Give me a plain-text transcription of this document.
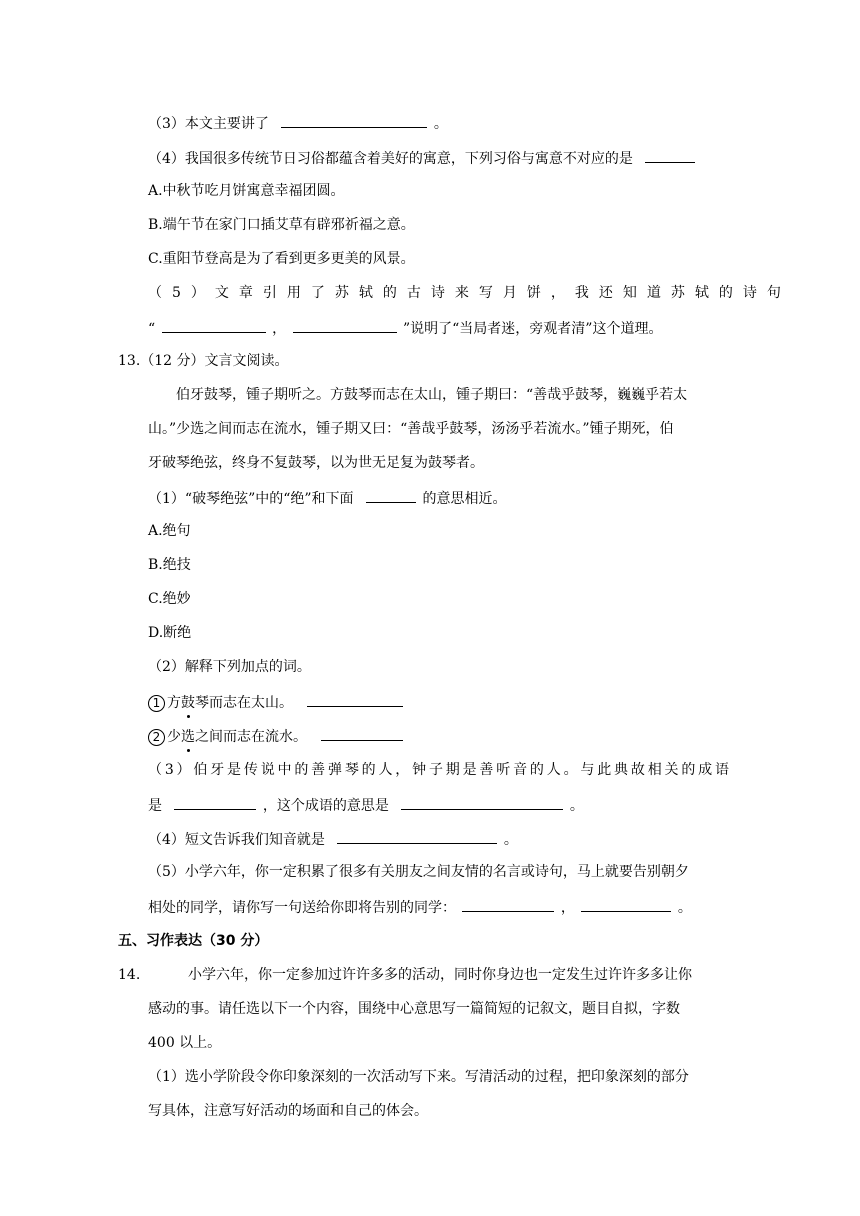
（3）本文主要讲了	。
（4）我国很多传统节日习俗都蕴含着美好的寓意，下列习俗与寓意不对应的是
A.中秋节吃月饼寓意幸福团圆。
B.端午节在家门口插艾草有辟邪祈福之意。
C.重阳节登高是为了看到更多更美的风景。
（5）文章引用了苏轼的古诗来写月饼，我还知道苏轼的诗句
“	，	”说明了“当局者迷，旁观者清”这个道理。
13.（12 分）文言文阅读。
伯牙鼓琴，锺子期听之。方鼓琴而志在太山，锺子期曰：“善哉乎鼓琴，巍巍乎若太
山。”少选之间而志在流水，锺子期又曰：“善哉乎鼓琴，汤汤乎若流水。”锺子期死，伯
牙破琴绝弦，终身不复鼓琴，以为世无足复为鼓琴者。
（1）“破琴绝弦”中的“绝”和下面	的意思相近。
A.绝句
B.绝技
C.绝妙
D.断绝
（2）解释下列加点的词。
1 方鼓琴而志在太山。
2 少选之间而志在流水。
（3）伯牙是传说中的善弹琴的人，钟子期是善听音的人。与此典故相关的成语
是	，这个成语的意思是	。
（4）短文告诉我们知音就是	。
（5）小学六年，你一定积累了很多有关朋友之间友情的名言或诗句，马上就要告别朝夕
相处的同学，请你写一句送给你即将告别的同学：	，	。
五、习作表达（30 分）
14.	小学六年，你一定参加过许许多多的活动，同时你身边也一定发生过许许多多让你
感动的事。请任选以下一个内容，围绕中心意思写一篇简短的记叙文，题目自拟，字数
400 以上。
（1）选小学阶段令你印象深刻的一次活动写下来。写清活动的过程，把印象深刻的部分
写具体，注意写好活动的场面和自己的体会。
